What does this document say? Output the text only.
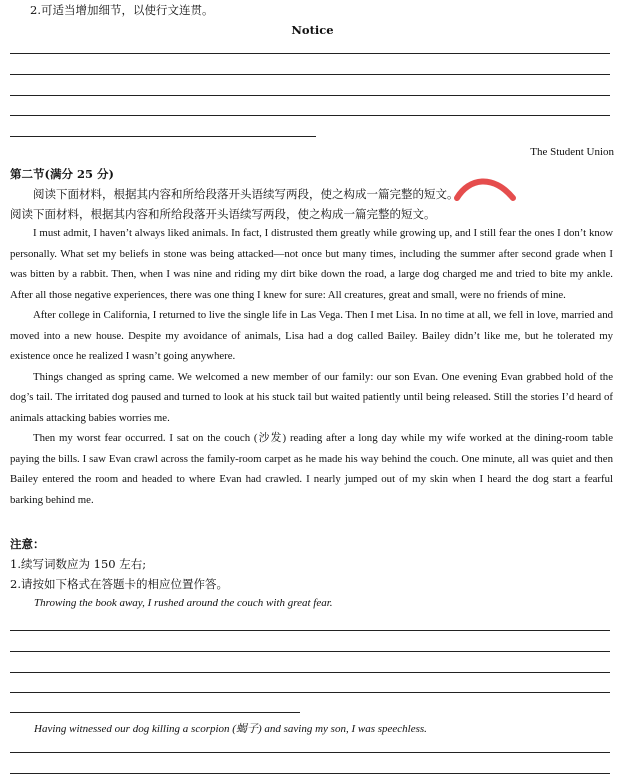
2.可适当增加细节，以使行文连贯。
Notice
The Student Union
第二节(满分 25 分)
阅读下面材料，根据其内容和所给段落开头语续写两段，使之构成一篇完整的短文。
阅读下面材料，根据其内容和所给段落开头语续写两段，使之构成一篇完整的短文。

I must admit, I haven’t always liked animals. In fact, I distrusted them greatly while growing up, and I still fear the ones I don’t know personally. What set my beliefs in stone was being attacked—not once but many times, including the summer after second grade when I was bitten by a rabbit. Then, when I was nine and riding my dirt bike down the road, a large dog charged me and tried to bite my ankle. After all those negative experiences, there was one thing I knew for sure: All creatures, great and small, were no friends of mine.

After college in California, I returned to live the single life in Las Vega. Then I met Lisa. In no time at all, we fell in love, married and moved into a new house. Despite my avoidance of animals, Lisa had a dog called Bailey. Bailey didn’t like me, but he tolerated my existence once he realized I wasn’t going anywhere.

Things changed as spring came. We welcomed a new member of our family: our son Evan. One evening Evan grabbed hold of the dog’s tail. The irritated dog paused and turned to look at his stuck tail but waited patiently until being released. Still the stories I’d heard of animals attacking babies worries me.

Then my worst fear occurred. I sat on the couch (沙发) reading after a long day while my wife worked at the dining-room table paying the bills. I saw Evan crawl across the family-room carpet as he made his way behind the couch. One minute, all was quiet and then Bailey entered the room and headed to where Evan had crawled. I nearly jumped out of my skin when I heard the dog start a fearful barking behind me.

注意：
1.续写词数应为 150 左右;
2.请按如下格式在答题卡的相应位置作答。
Throwing the book away, I rushed around the couch with great fear.
Having witnessed our dog killing a scorpion (蝎子) and saving my son, I was speechless.
